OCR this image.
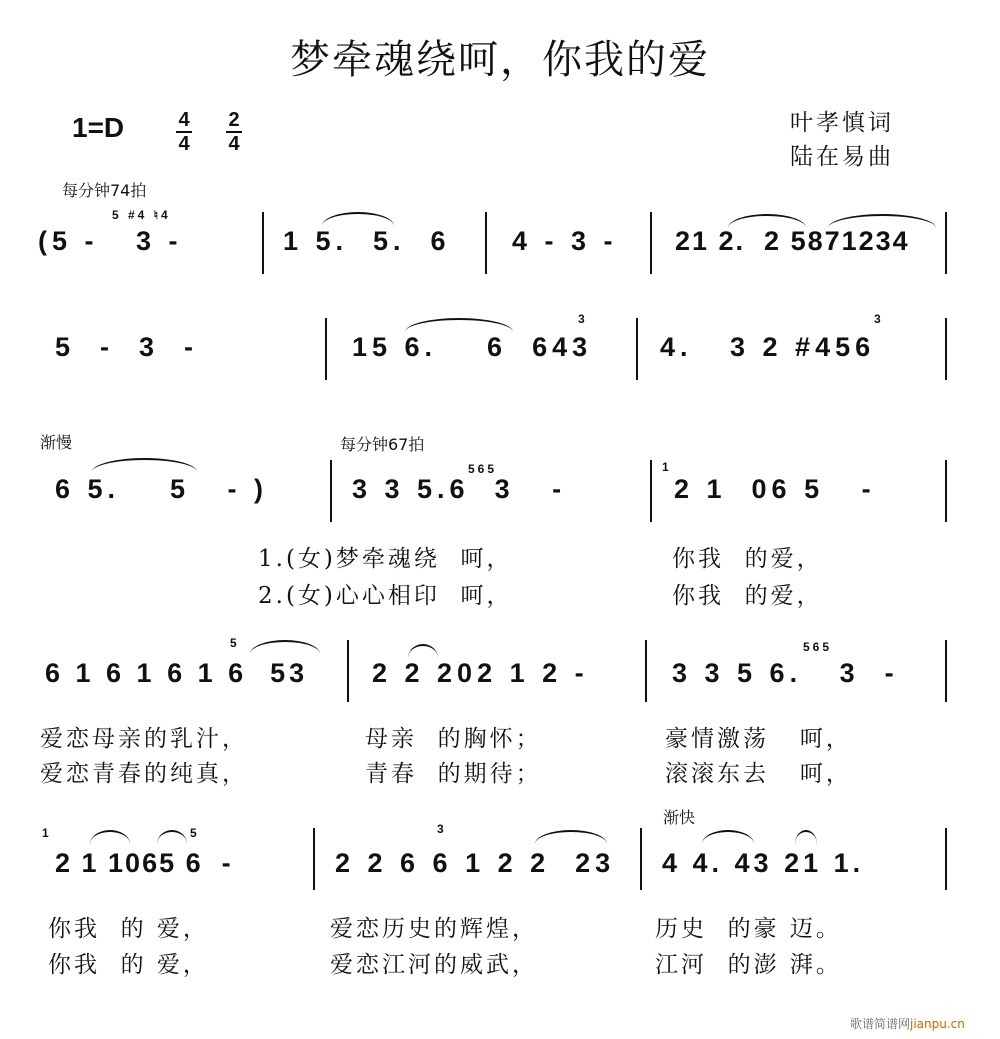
梦牵魂绕呵，你我的爱
1=D	4
4
2
4
叶孝慎词
陆在易曲
每分钟74拍
5 #4 ♮4
(5 -   3 -	1 5.  5.  6 4 - 3 - 21 2.  2 5871234
5  -  3  -
3
15 6.    6  643
3
4.   3 2 #456
渐慢	每分钟67拍
6 5.    5   - )
565
3 3 5.6  3   -
1
2 1  06 5   -
1.(女)梦牵魂绕  呵，	你我  的爱，
2.(女)心心相印  呵，	你我  的爱，
5
6 1 6 1 6 1 6  53 2 2 202 1 2 -
565
3 3 5 6.   3  -
爱恋母亲的乳汁，	母亲  的胸怀；	豪情激荡   呵，
爱恋青春的纯真，	青春  的期待；	滚滚东去   呵，
渐快
1	5
2 1 1065 6  -
3
2 2 6 6 1 2 2  23 4 4. 43 21 1.
你我  的 爱，	爱恋历史的辉煌，	历史  的豪 迈。
你我  的 爱，	爱恋江河的威武，	江河  的澎 湃。
歌谱简谱网jianpu.cn
